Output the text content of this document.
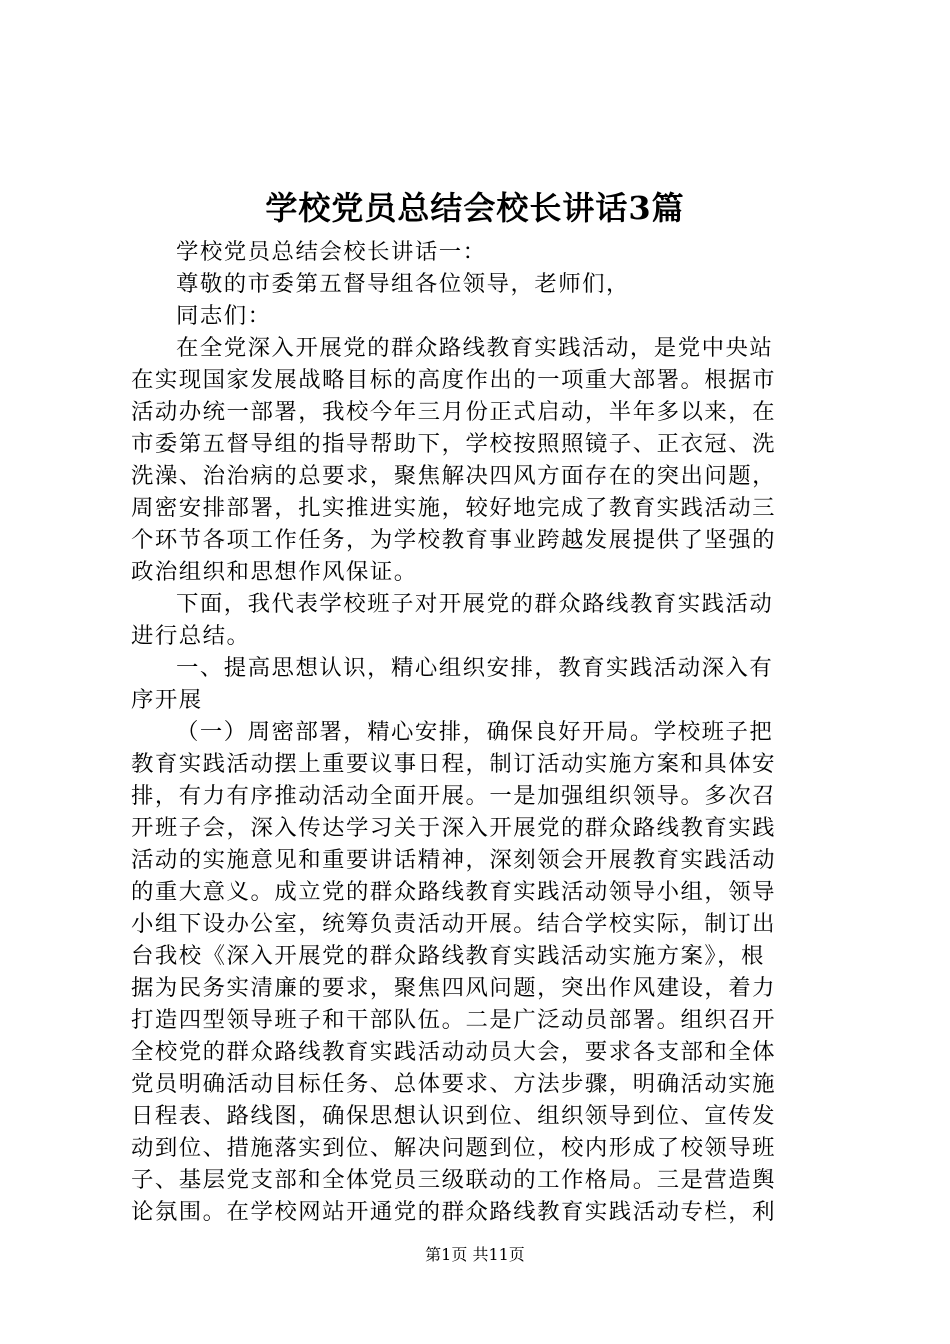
学校党员总结会校长讲话3篇
学校党员总结会校长讲话一：
尊敬的市委第五督导组各位领导，老师们，
同志们：
在全党深入开展党的群众路线教育实践活动，是党中央站
在实现国家发展战略目标的高度作出的一项重大部署。根据市
活动办统一部署，我校今年三月份正式启动，半年多以来，在
市委第五督导组的指导帮助下，学校按照照镜子、正衣冠、洗
洗澡、治治病的总要求，聚焦解决四风方面存在的突出问题，
周密安排部署，扎实推进实施，较好地完成了教育实践活动三
个环节各项工作任务，为学校教育事业跨越发展提供了坚强的
政治组织和思想作风保证。
下面，我代表学校班子对开展党的群众路线教育实践活动
进行总结。
一、提高思想认识，精心组织安排，教育实践活动深入有
序开展
（一）周密部署，精心安排，确保良好开局。学校班子把
教育实践活动摆上重要议事日程，制订活动实施方案和具体安
排，有力有序推动活动全面开展。一是加强组织领导。多次召
开班子会，深入传达学习关于深入开展党的群众路线教育实践
活动的实施意见和重要讲话精神，深刻领会开展教育实践活动
的重大意义。成立党的群众路线教育实践活动领导小组，领导
小组下设办公室，统筹负责活动开展。结合学校实际，制订出
台我校《深入开展党的群众路线教育实践活动实施方案》，根
据为民务实清廉的要求，聚焦四风问题，突出作风建设，着力
打造四型领导班子和干部队伍。二是广泛动员部署。组织召开
全校党的群众路线教育实践活动动员大会，要求各支部和全体
党员明确活动目标任务、总体要求、方法步骤，明确活动实施
日程表、路线图，确保思想认识到位、组织领导到位、宣传发
动到位、措施落实到位、解决问题到位，校内形成了校领导班
子、基层党支部和全体党员三级联动的工作格局。三是营造舆
论氛围。在学校网站开通党的群众路线教育实践活动专栏，利
第1页 共11页
